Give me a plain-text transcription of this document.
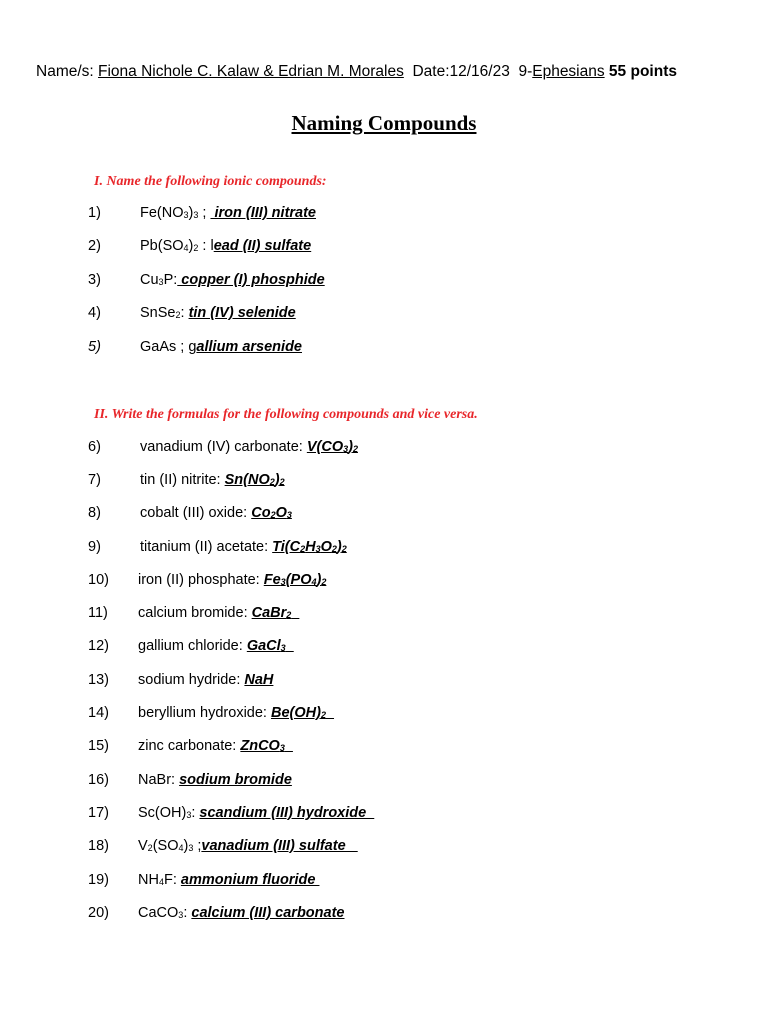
Name/s: Fiona Nichole C. Kalaw & Edrian M. Morales  Date:12/16/23  9-Ephesians 55 points
Naming Compounds
I. Name the following ionic compounds:
II. Write the formulas for the following compounds and vice versa.
1)	$Fe(NO_3)_3$ ;  iron (III) nitrate
2)	$Pb(SO_4)_2$ : lead (II) sulfate
3)	$Cu_3P$: copper (I) phosphide
4)	SnSe$_2$: tin (IV) selenide
5)	GaAs ; gallium arsenide
6)	vanadium (IV) carbonate: $V(CO_3)_2$
7)	tin (II) nitrite: $Sn(NO_2)_2$
8)	cobalt (III) oxide: $Co_2O_3$
9)	titanium (II) acetate: $Ti(C_2H_3O_2)_2$
10) iron (II) phosphate: $Fe_3(PO_4)_2$
11) calcium bromide: CaBr$_2$
12) gallium chloride: GaCl$_3$
13) sodium hydride: NaH
14) beryllium hydroxide: $Be(OH)_2$
15) zinc carbonate: ZnCO$_3$
16) NaBr: sodium bromide
17) $Sc(OH)_3$: scandium (III) hydroxide
18) $V_2(SO_4)_3$ ;vanadium (III) sulfate
19) $NH_4F$: ammonium fluoride
20) CaCO$_3$: calcium (III) carbonate
